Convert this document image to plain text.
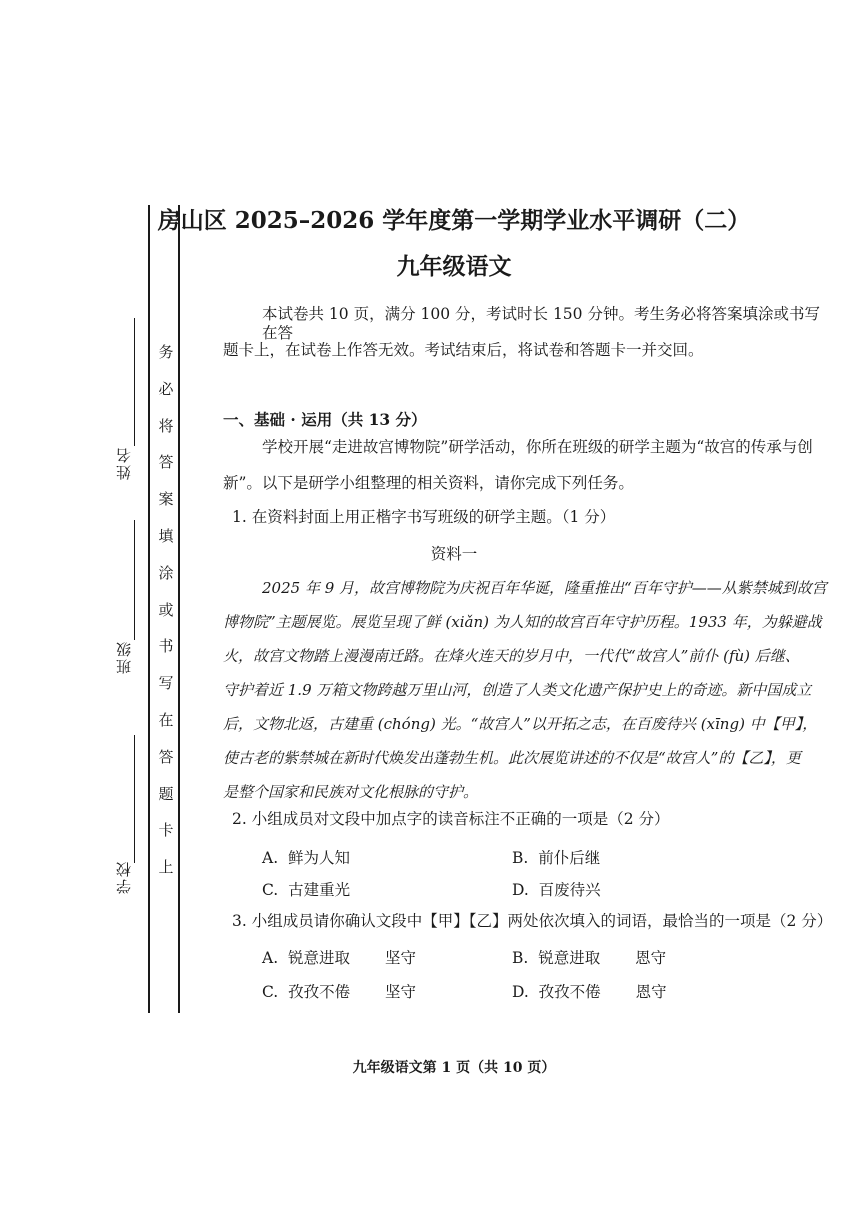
姓名
班级
学校
务
必
将
答
案
填
涂
或
书
写
在
答
题
卡
上
房山区 2025–2026 学年度第一学期学业水平调研（二）
九年级语文
本试卷共 10 页，满分 100 分，考试时长 150 分钟。考生务必将答案填涂或书写在答
题卡上，在试卷上作答无效。考试结束后，将试卷和答题卡一并交回。
一、基础 · 运用（共 13 分）
学校开展“走进故宫博物院”研学活动，你所在班级的研学主题为“故宫的传承与创
新”。以下是研学小组整理的相关资料，请你完成下列任务。
1. 在资料封面上用正楷字书写班级的研学主题。（1 分）
资料一
2025 年 9 月，故宫博物院为庆祝百年华诞，隆重推出“百年守护——从紫禁城到故宫
博物院”主题展览。展览呈现了鲜 (xiǎn) 为人知的故宫百年守护历程。1933 年，为躲避战
火，故宫文物踏上漫漫南迁路。在烽火连天的岁月中，一代代“故宫人”前仆 (fù) 后继、
守护着近 1.9 万箱文物跨越万里山河，创造了人类文化遗产保护史上的奇迹。新中国成立
后，文物北返，古建重 (chóng) 光。“故宫人”以开拓之志，在百废待兴 (xīng) 中【甲】，
使古老的紫禁城在新时代焕发出蓬勃生机。此次展览讲述的不仅是“故宫人”的【乙】，更
是整个国家和民族对文化根脉的守护。
2. 小组成员对文段中加点字的读音标注不正确的一项是（2 分）
A. 鲜为人知	B. 前仆后继
C. 古建重光	D. 百废待兴
3. 小组成员请你确认文段中【甲】【乙】两处依次填入的词语，最恰当的一项是（2 分）
A. 锐意进取 坚守	B. 锐意进取 恩守
C. 孜孜不倦 坚守	D. 孜孜不倦 恩守
九年级语文第 1 页（共 10 页）
